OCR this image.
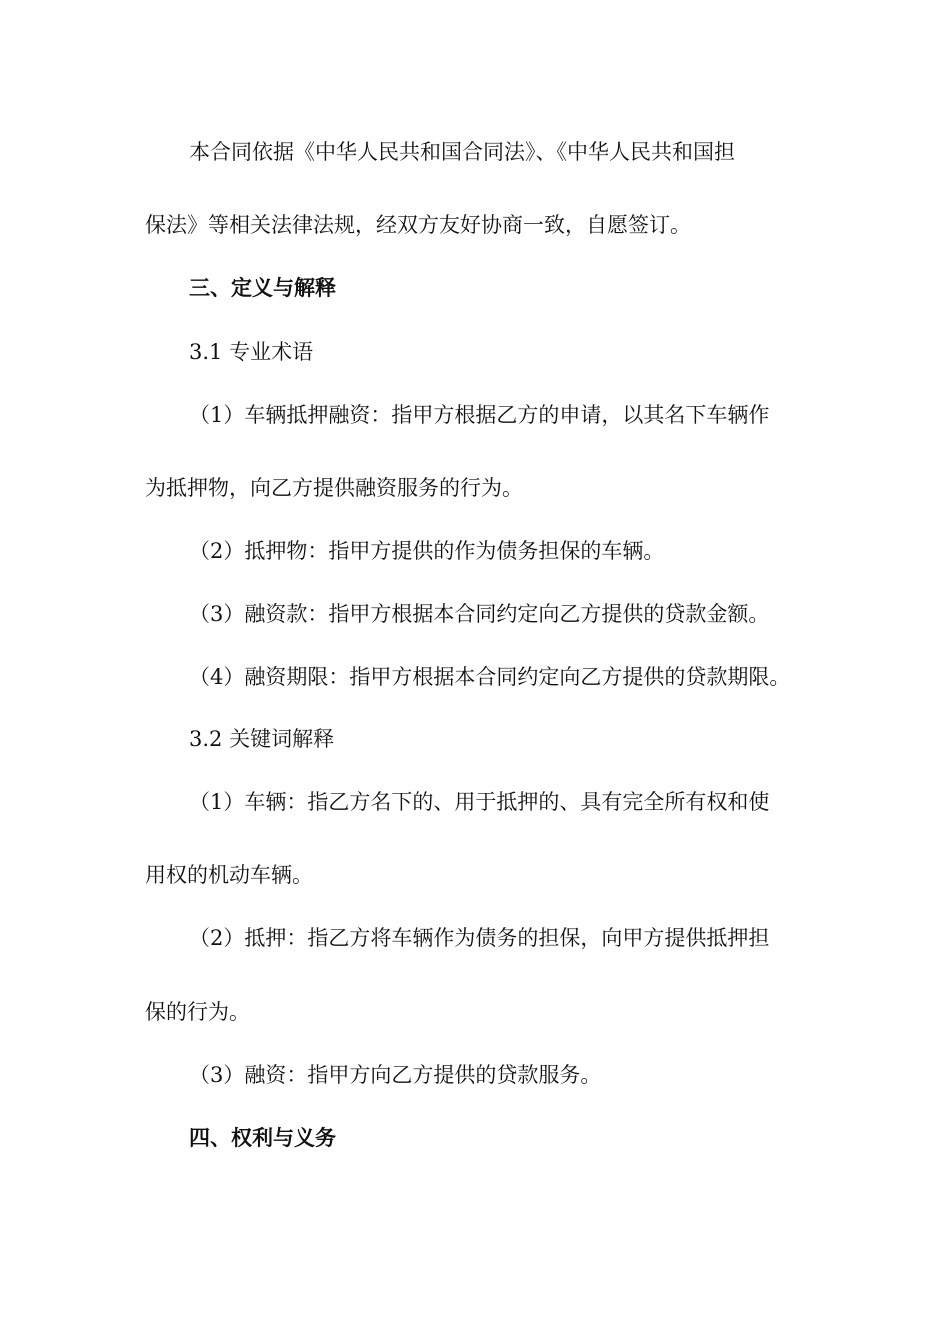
本合同依据《中华人民共和国合同法》、《中华人民共和国担
保法》等相关法律法规，经双方友好协商一致，自愿签订。
三、定义与解释
3.1 专业术语
（1）车辆抵押融资：指甲方根据乙方的申请，以其名下车辆作
为抵押物，向乙方提供融资服务的行为。
（2）抵押物：指甲方提供的作为债务担保的车辆。
（3）融资款：指甲方根据本合同约定向乙方提供的贷款金额。
（4）融资期限：指甲方根据本合同约定向乙方提供的贷款期限。
3.2 关键词解释
（1）车辆：指乙方名下的、用于抵押的、具有完全所有权和使
用权的机动车辆。
（2）抵押：指乙方将车辆作为债务的担保，向甲方提供抵押担
保的行为。
（3）融资：指甲方向乙方提供的贷款服务。
四、权利与义务
